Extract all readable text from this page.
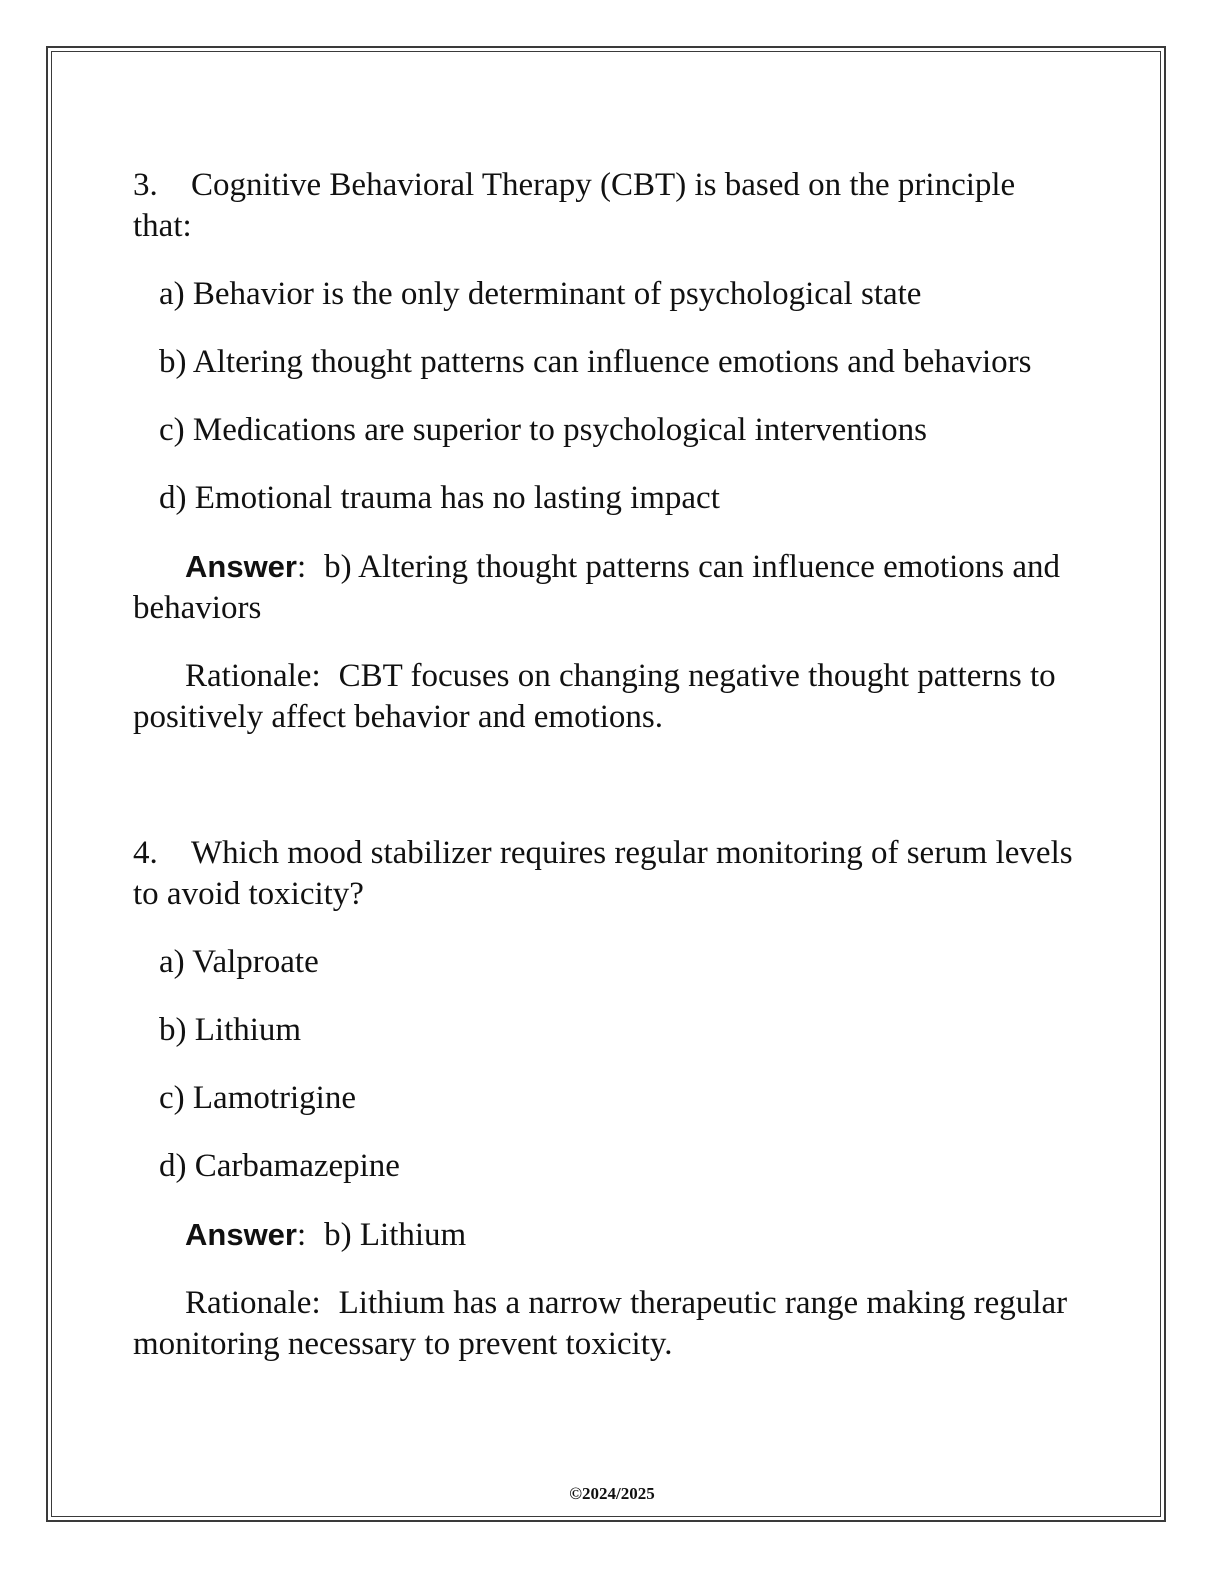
3. Cognitive Behavioral Therapy (CBT) is based on the principle that:

a) Behavior is the only determinant of psychological state

b) Altering thought patterns can influence emotions and behaviors

c) Medications are superior to psychological interventions

d) Emotional trauma has no lasting impact

Answer: b) Altering thought patterns can influence emotions and behaviors

Rationale: CBT focuses on changing negative thought patterns to positively affect behavior and emotions.

4. Which mood stabilizer requires regular monitoring of serum levels to avoid toxicity?

a) Valproate

b) Lithium

c) Lamotrigine

d) Carbamazepine

Answer: b) Lithium

Rationale: Lithium has a narrow therapeutic range making regular monitoring necessary to prevent toxicity.

©2024/2025
